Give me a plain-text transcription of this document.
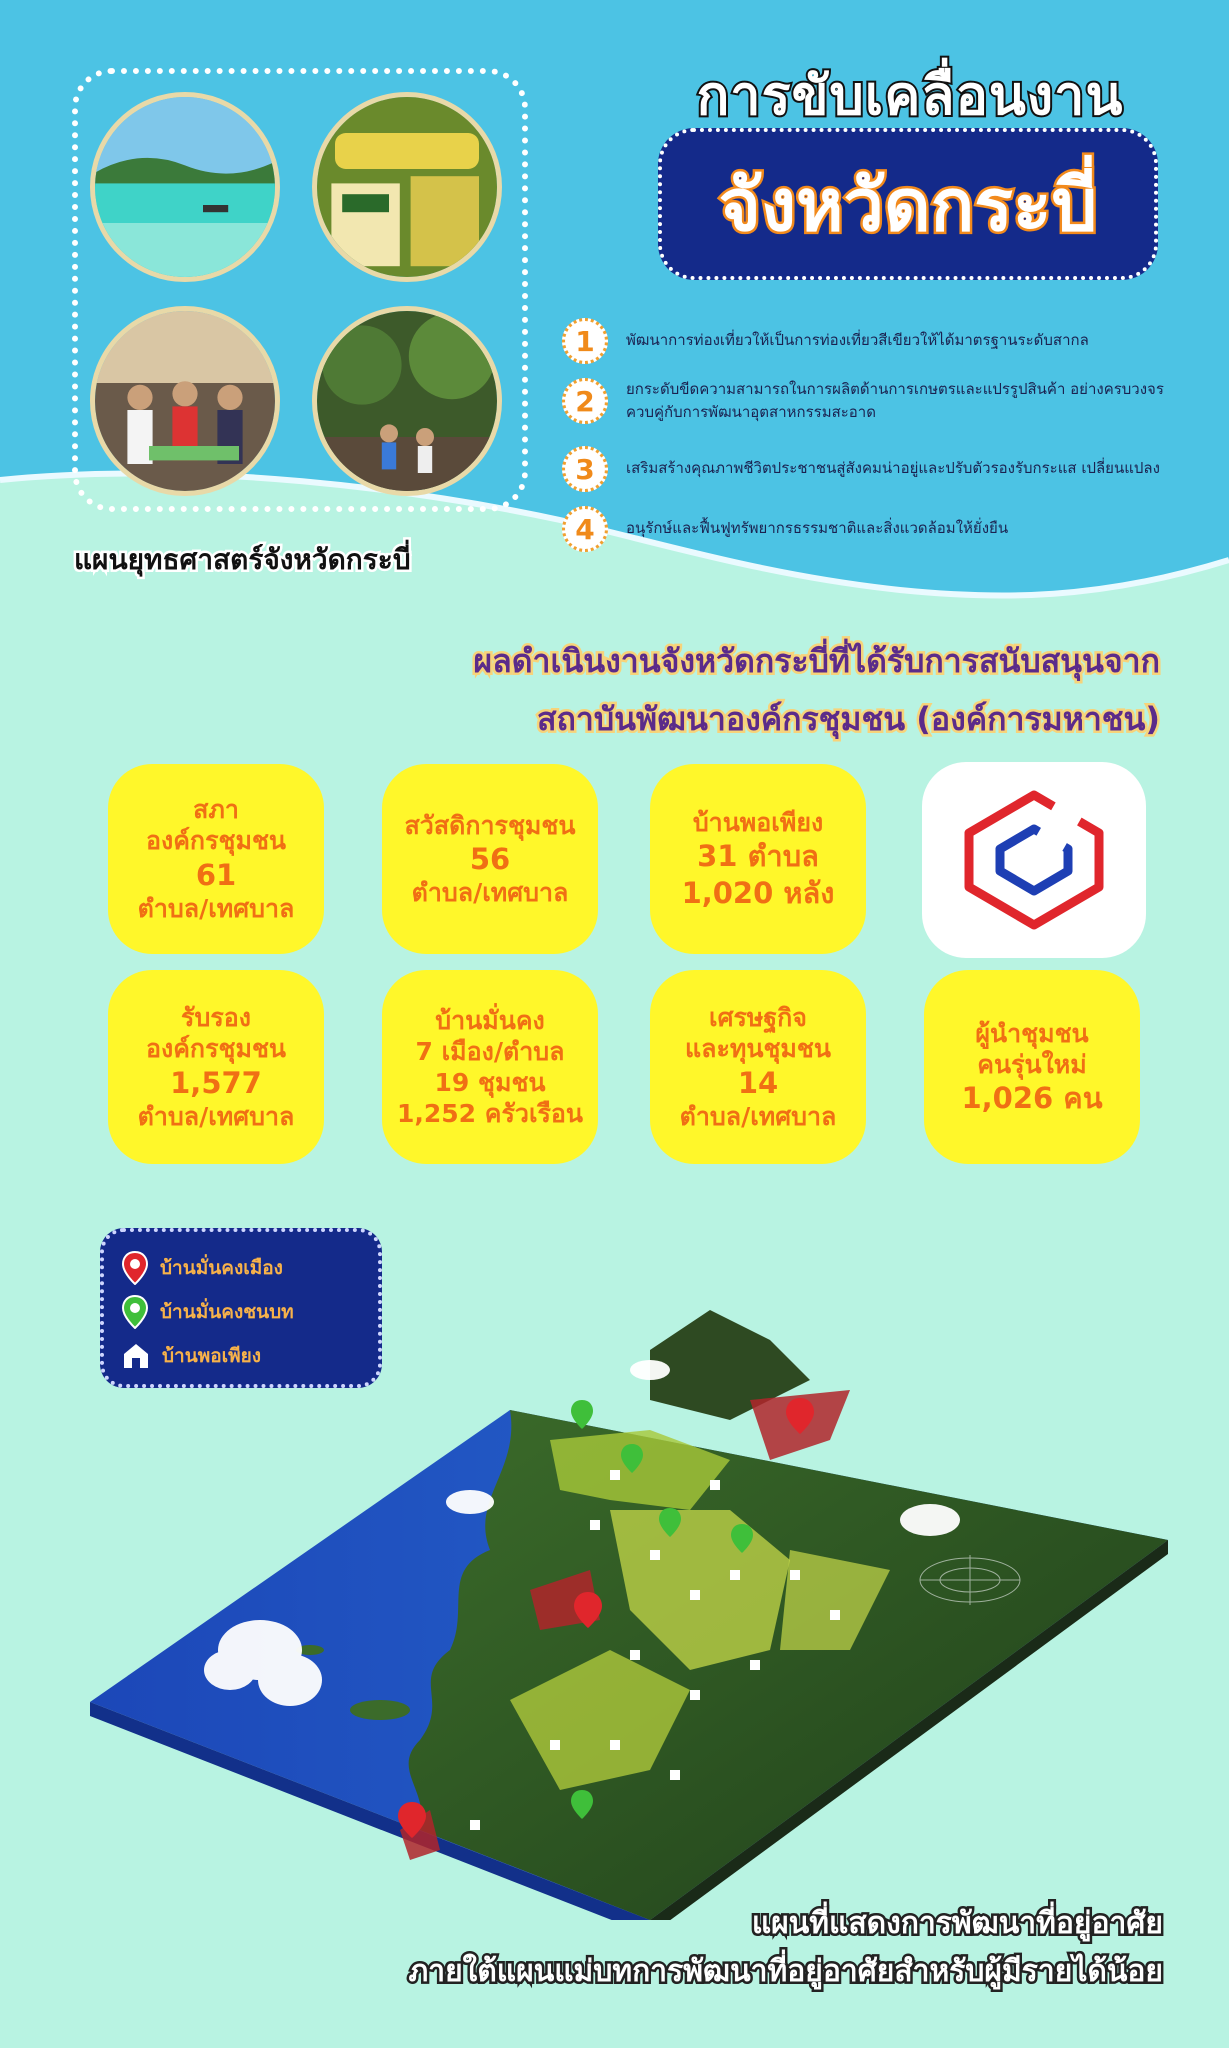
แผนยุทธศาสตร์จังหวัดกระบี่
การขับเคลื่อนงาน
จังหวัดกระบี่
1	พัฒนาการท่องเที่ยวให้เป็นการท่องเที่ยวสีเขียวให้ได้มาตรฐานระดับสากล
2	ยกระดับขีดความสามารถในการผลิตด้านการเกษตรและแปรรูปสินค้า อย่างครบวงจร ควบคู่กับการพัฒนาอุตสาหกรรมสะอาด
3	เสริมสร้างคุณภาพชีวิตประชาชนสู่สังคมน่าอยู่และปรับตัวรองรับกระแส เปลี่ยนแปลง
4	อนุรักษ์และฟื้นฟูทรัพยากรธรรมชาติและสิ่งแวดล้อมให้ยั่งยืน
ผลดำเนินงานจังหวัดกระบี่ที่ได้รับการสนับสนุนจาก
สถาบันพัฒนาองค์กรชุมชน (องค์การมหาชน)
สภา
องค์กรชุมชน
61
ตำบล/เทศบาล
สวัสดิการชุมชน
56
ตำบล/เทศบาล
บ้านพอเพียง
31 ตำบล
1,020 หลัง
รับรอง
องค์กรชุมชน
1,577
ตำบล/เทศบาล
บ้านมั่นคง
7 เมือง/ตำบล
19 ชุมชน
1,252 ครัวเรือน
เศรษฐกิจ
และทุนชุมชน
14
ตำบล/เทศบาล
ผู้นำชุมชน
คนรุ่นใหม่
1,026 คน
บ้านมั่นคงเมือง
บ้านมั่นคงชนบท
บ้านพอเพียง
แผนที่แสดงการพัฒนาที่อยู่อาศัย
ภายใต้แผนแม่บทการพัฒนาที่อยู่อาศัยสำหรับผู้มีรายได้น้อย
